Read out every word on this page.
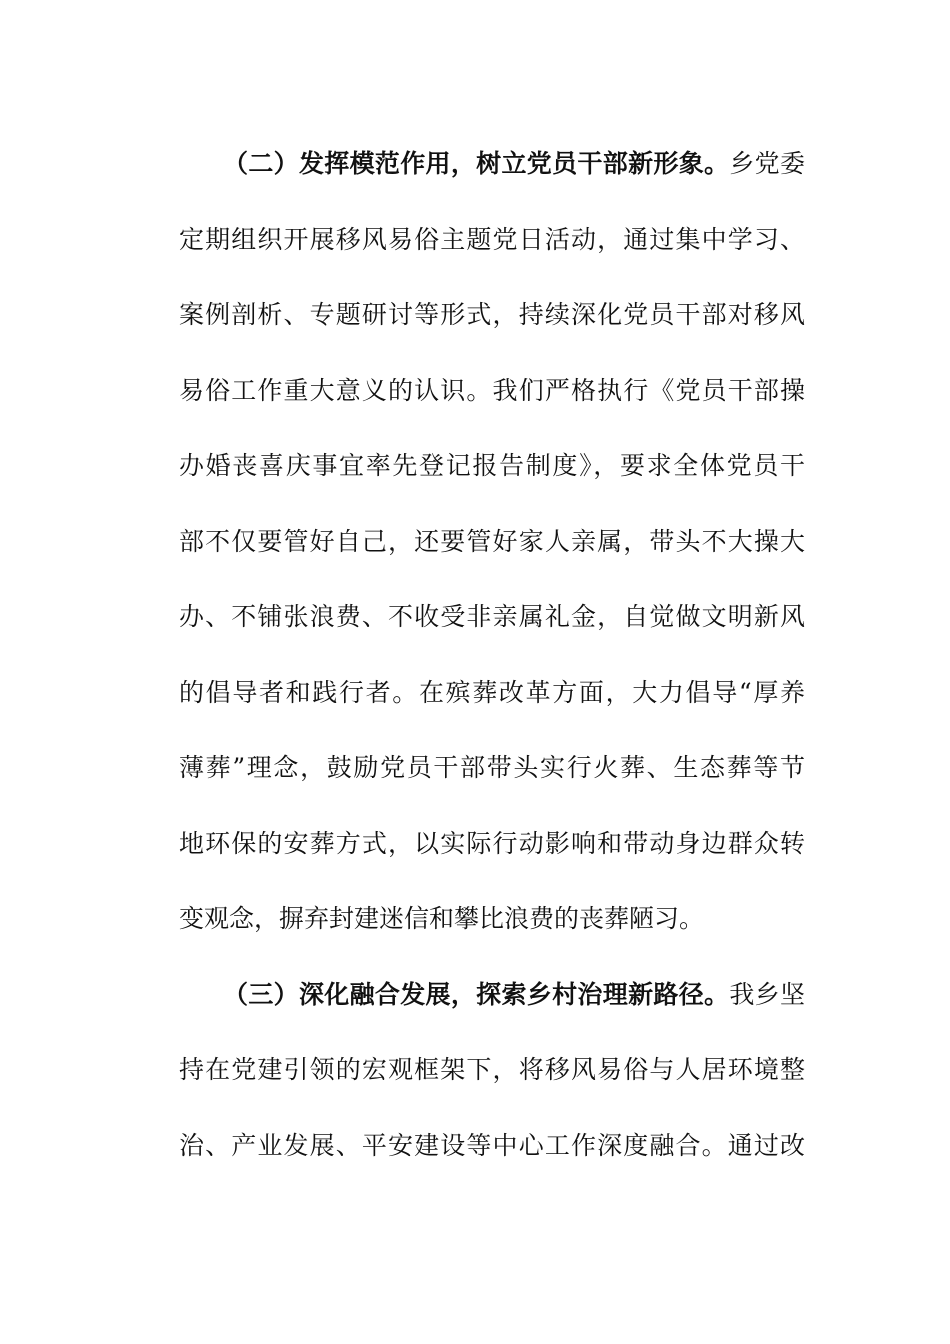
（二）发挥模范作用，树立党员干部新形象。乡党委
定期组织开展移风易俗主题党日活动，通过集中学习、
案例剖析、专题研讨等形式，持续深化党员干部对移风
易俗工作重大意义的认识。我们严格执行《党员干部操
办婚丧喜庆事宜率先登记报告制度》，要求全体党员干
部不仅要管好自己，还要管好家人亲属，带头不大操大
办、不铺张浪费、不收受非亲属礼金，自觉做文明新风
的倡导者和践行者。在殡葬改革方面，大力倡导“厚养
薄葬”理念，鼓励党员干部带头实行火葬、生态葬等节
地环保的安葬方式，以实际行动影响和带动身边群众转
变观念，摒弃封建迷信和攀比浪费的丧葬陋习。
（三）深化融合发展，探索乡村治理新路径。我乡坚
持在党建引领的宏观框架下，将移风易俗与人居环境整
治、产业发展、平安建设等中心工作深度融合。通过改
